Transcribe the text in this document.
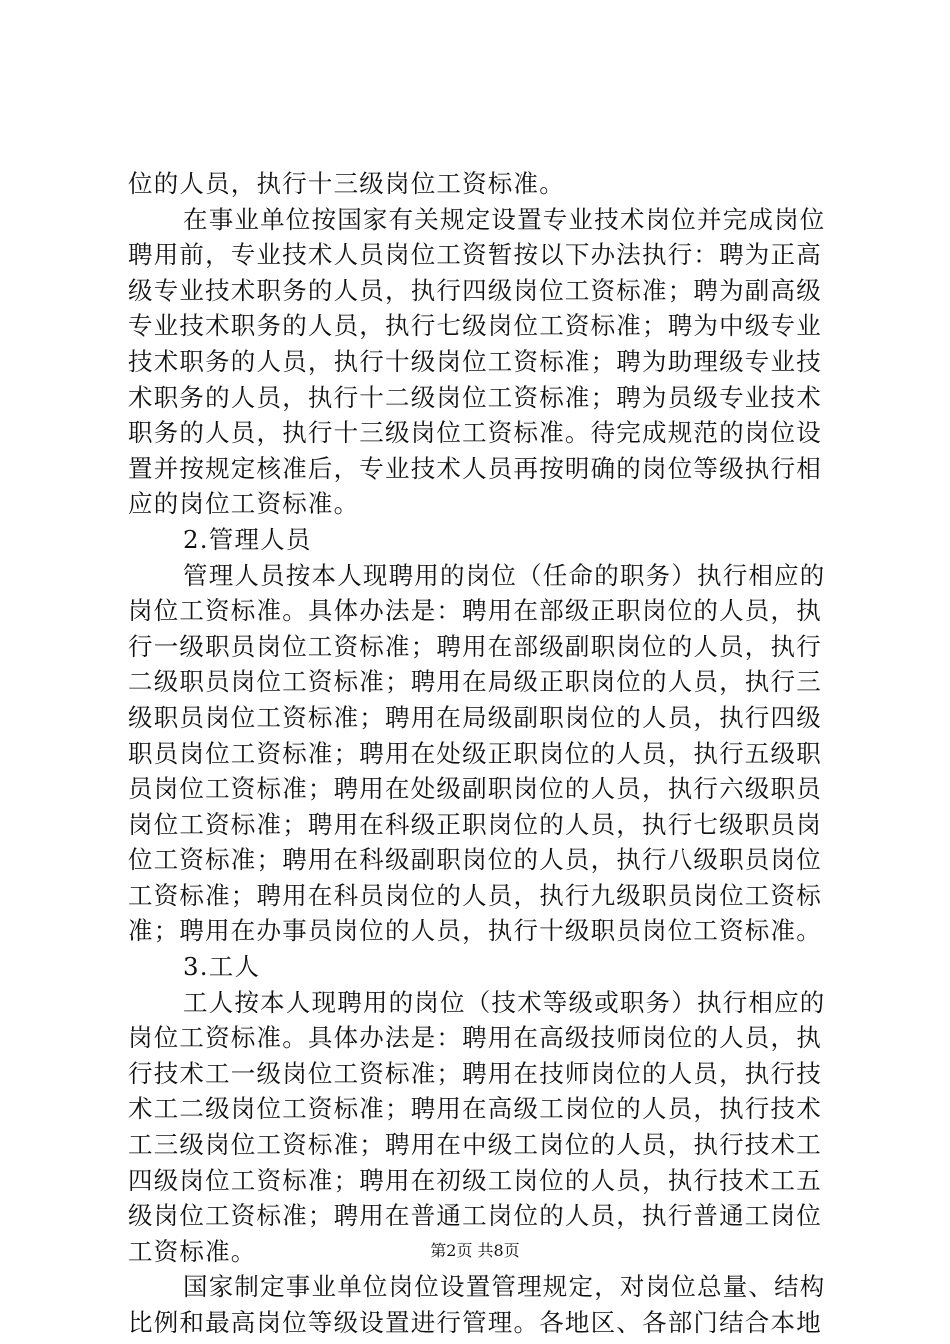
位的人员，执行十三级岗位工资标准。
在事业单位按国家有关规定设置专业技术岗位并完成岗位
聘用前，专业技术人员岗位工资暂按以下办法执行：聘为正高
级专业技术职务的人员，执行四级岗位工资标准；聘为副高级
专业技术职务的人员，执行七级岗位工资标准；聘为中级专业
技术职务的人员，执行十级岗位工资标准；聘为助理级专业技
术职务的人员，执行十二级岗位工资标准；聘为员级专业技术
职务的人员，执行十三级岗位工资标准。待完成规范的岗位设
置并按规定核准后，专业技术人员再按明确的岗位等级执行相
应的岗位工资标准。
2.管理人员
管理人员按本人现聘用的岗位（任命的职务）执行相应的
岗位工资标准。具体办法是：聘用在部级正职岗位的人员，执
行一级职员岗位工资标准；聘用在部级副职岗位的人员，执行
二级职员岗位工资标准；聘用在局级正职岗位的人员，执行三
级职员岗位工资标准；聘用在局级副职岗位的人员，执行四级
职员岗位工资标准；聘用在处级正职岗位的人员，执行五级职
员岗位工资标准；聘用在处级副职岗位的人员，执行六级职员
岗位工资标准；聘用在科级正职岗位的人员，执行七级职员岗
位工资标准；聘用在科级副职岗位的人员，执行八级职员岗位
工资标准；聘用在科员岗位的人员，执行九级职员岗位工资标
准；聘用在办事员岗位的人员，执行十级职员岗位工资标准。
3.工人
工人按本人现聘用的岗位（技术等级或职务）执行相应的
岗位工资标准。具体办法是：聘用在高级技师岗位的人员，执
行技术工一级岗位工资标准；聘用在技师岗位的人员，执行技
术工二级岗位工资标准；聘用在高级工岗位的人员，执行技术
工三级岗位工资标准；聘用在中级工岗位的人员，执行技术工
四级岗位工资标准；聘用在初级工岗位的人员，执行技术工五
级岗位工资标准；聘用在普通工岗位的人员，执行普通工岗位
工资标准。
国家制定事业单位岗位设置管理规定，对岗位总量、结构
比例和最高岗位等级设置进行管理。各地区、各部门结合本地
第2页 共8页
